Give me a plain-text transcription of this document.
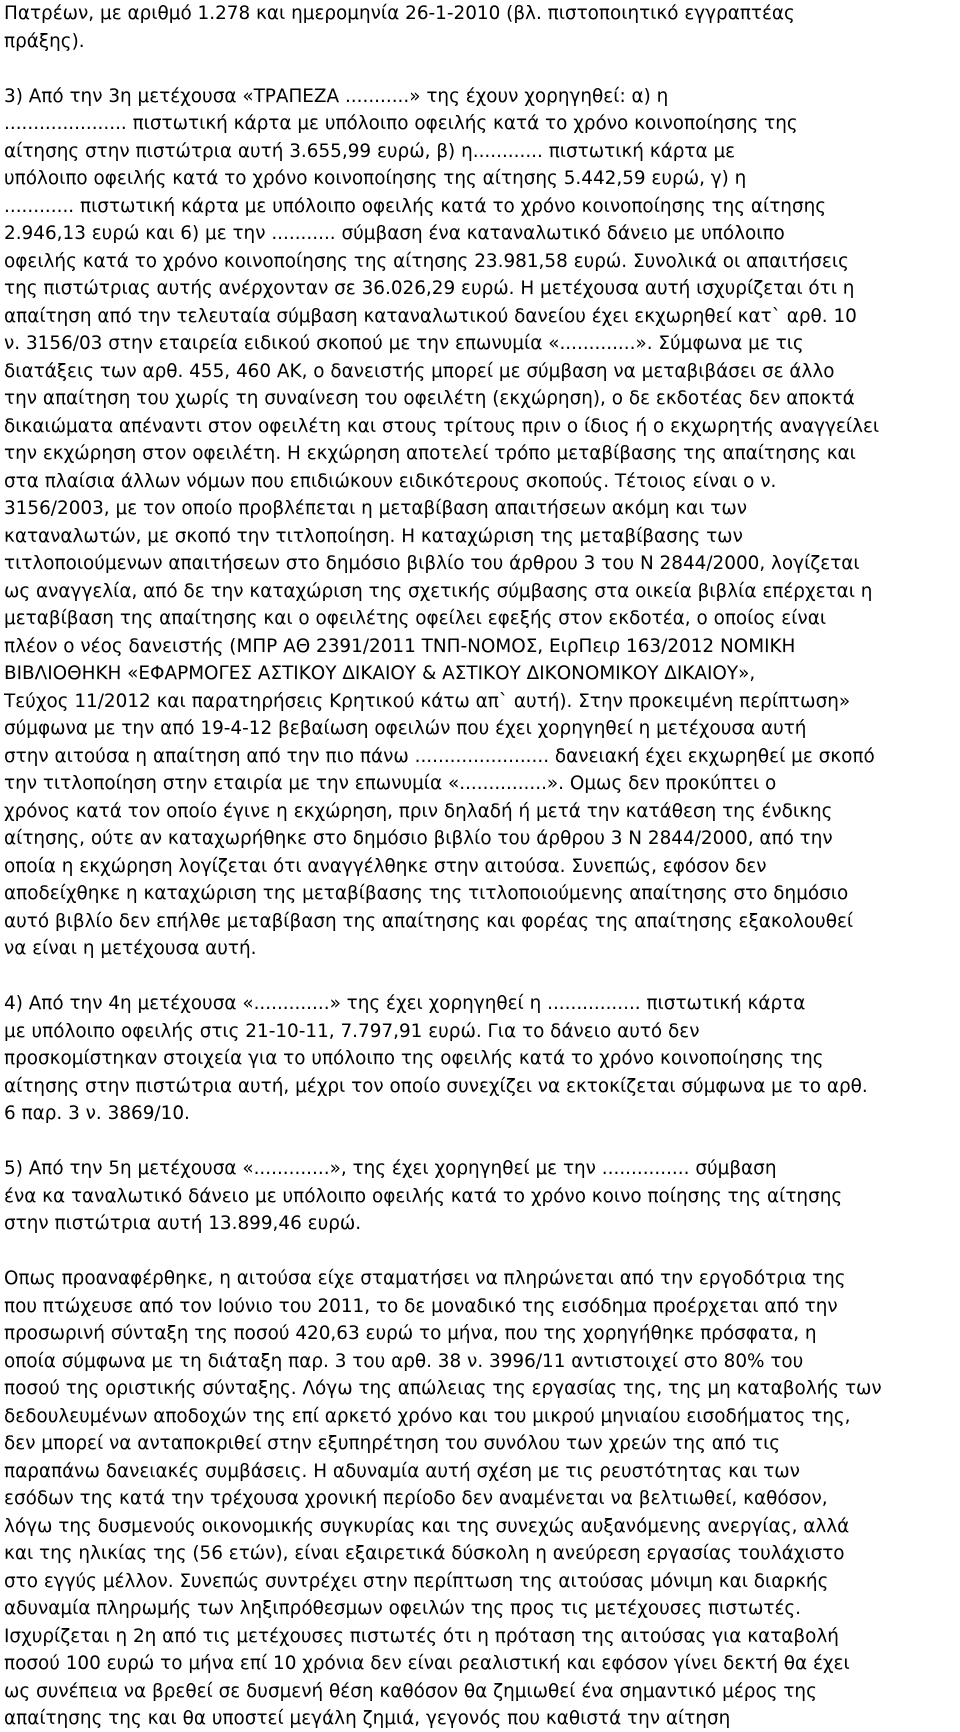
Πατρέων, με αριθμό 1.278 και ημερομηνία 26-1-2010 (βλ. πιστοποιητικό εγγραπτέας
πράξης).
3) Από την 3η μετέχουσα «ΤΡΑΠΕΖΑ ...........» της έχουν χορηγηθεί: α) η
..................... πιστωτική κάρτα με υπόλοιπο οφειλής κατά το χρόνο κοινοποίησης της
αίτησης στην πιστώτρια αυτή 3.655,99 ευρώ, β) η............ πιστωτική κάρτα με
υπόλοιπο οφειλής κατά το χρόνο κοινοποίησης της αίτησης 5.442,59 ευρώ, γ) η
............ πιστωτική κάρτα με υπόλοιπο οφειλής κατά το χρόνο κοινοποίησης της αίτησης
2.946,13 ευρώ και 6) με την ........... σύμβαση ένα καταναλωτικό δάνειο με υπόλοιπο
οφειλής κατά το χρόνο κοινοποίησης της αίτησης 23.981,58 ευρώ. Συνολικά οι απαιτήσεις
της πιστώτριας αυτής ανέρχονταν σε 36.026,29 ευρώ. Η μετέχουσα αυτή ισχυρίζεται ότι η
απαίτηση από την τελευταία σύμβαση καταναλωτικού δανείου έχει εκχωρηθεί κατ` αρθ. 10
ν. 3156/03 στην εταιρεία ειδικού σκοπού με την επωνυμία «.............». Σύμφωνα με τις
διατάξεις των αρθ. 455, 460 ΑΚ, ο δανειστής μπορεί με σύμβαση να μεταβιβάσει σε άλλο
την απαίτηση του χωρίς τη συναίνεση του οφειλέτη (εκχώρηση), ο δε εκδοτέας δεν αποκτά
δικαιώματα απέναντι στον οφειλέτη και στους τρίτους πριν ο ίδιος ή ο εκχωρητής αναγγείλει
την εκχώρηση στον οφειλέτη. Η εκχώρηση αποτελεί τρόπο μεταβίβασης της απαίτησης και
στα πλαίσια άλλων νόμων που επιδιώκουν ειδικότερους σκοπούς. Τέτοιος είναι ο ν.
3156/2003, με τον οποίο προβλέπεται η μεταβίβαση απαιτήσεων ακόμη και των
καταναλωτών, με σκοπό την τιτλοποίηση. Η καταχώριση της μεταβίβασης των
τιτλοποιούμενων απαιτήσεων στο δημόσιο βιβλίο του άρθρου 3 του Ν 2844/2000, λογίζεται
ως αναγγελία, από δε την καταχώριση της σχετικής σύμβασης στα οικεία βιβλία επέρχεται η
μεταβίβαση της απαίτησης και ο οφειλέτης οφείλει εφεξής στον εκδοτέα, ο οποίος είναι
πλέον ο νέος δανειστής (ΜΠΡ ΑΘ 2391/2011 ΤΝΠ-ΝΟΜΟΣ, ΕιρΠειρ 163/2012 ΝΟΜΙΚΗ
ΒΙΒΛΙΟΘΗΚΗ «ΕΦΑΡΜΟΓΕΣ ΑΣΤΙΚΟΥ ΔΙΚΑΙΟΥ & ΑΣΤΙΚΟΥ ΔΙΚΟΝΟΜΙΚΟΥ ΔΙΚΑΙΟΥ»,
Τεύχος 11/2012 και παρατηρήσεις Κρητικού κάτω απ` αυτή). Στην προκειμένη περίπτωση»
σύμφωνα με την από 19-4-12 βεβαίωση οφειλών που έχει χορηγηθεί η μετέχουσα αυτή
στην αιτούσα η απαίτηση από την πιο πάνω ....................... δανειακή έχει εκχωρηθεί με σκοπό
την τιτλοποίηση στην εταιρία με την επωνυμία «...............». Ομως δεν προκύπτει ο
χρόνος κατά τον οποίο έγινε η εκχώρηση, πριν δηλαδή ή μετά την κατάθεση της ένδικης
αίτησης, ούτε αν καταχωρήθηκε στο δημόσιο βιβλίο του άρθρου 3 Ν 2844/2000, από την
οποία η εκχώρηση λογίζεται ότι αναγγέλθηκε στην αιτούσα. Συνεπώς, εφόσον δεν
αποδείχθηκε η καταχώριση της μεταβίβασης της τιτλοποιούμενης απαίτησης στο δημόσιο
αυτό βιβλίο δεν επήλθε μεταβίβαση της απαίτησης και φορέας της απαίτησης εξακολουθεί
να είναι η μετέχουσα αυτή.
4) Από την 4η μετέχουσα «.............» της έχει χορηγηθεί η ................ πιστωτική κάρτα
με υπόλοιπο οφειλής στις 21-10-11, 7.797,91 ευρώ. Για το δάνειο αυτό δεν
προσκομίστηκαν στοιχεία για το υπόλοιπο της οφειλής κατά το χρόνο κοινοποίησης της
αίτησης στην πιστώτρια αυτή, μέχρι τον οποίο συνεχίζει να εκτοκίζεται σύμφωνα με το αρθ.
6 παρ. 3 ν. 3869/10.
5) Από την 5η μετέχουσα «.............», της έχει χορηγηθεί με την ............... σύμβαση
ένα κα ταναλωτικό δάνειο με υπόλοιπο οφειλής κατά το χρόνο κοινο ποίησης της αίτησης
στην πιστώτρια αυτή 13.899,46 ευρώ.
Οπως προαναφέρθηκε, η αιτούσα είχε σταματήσει να πληρώνεται από την εργοδότρια της
που πτώχευσε από τον Ιούνιο του 2011, το δε μοναδικό της εισόδημα προέρχεται από την
προσωρινή σύνταξη της ποσού 420,63 ευρώ το μήνα, που της χορηγήθηκε πρόσφατα, η
οποία σύμφωνα με τη διάταξη παρ. 3 του αρθ. 38 ν. 3996/11 αντιστοιχεί στο 80% του
ποσού της οριστικής σύνταξης. Λόγω της απώλειας της εργασίας της, της μη καταβολής των
δεδουλευμένων αποδοχών της επί αρκετό χρόνο και του μικρού μηνιαίου εισοδήματος της,
δεν μπορεί να ανταποκριθεί στην εξυπηρέτηση του συνόλου των χρεών της από τις
παραπάνω δανειακές συμβάσεις. Η αδυναμία αυτή σχέση με τις ρευστότητας και των
εσόδων της κατά την τρέχουσα χρονική περίοδο δεν αναμένεται να βελτιωθεί, καθόσον,
λόγω της δυσμενούς οικονομικής συγκυρίας και της συνεχώς αυξανόμενης ανεργίας, αλλά
και της ηλικίας της (56 ετών), είναι εξαιρετικά δύσκολη η ανεύρεση εργασίας τουλάχιστο
στο εγγύς μέλλον. Συνεπώς συντρέχει στην περίπτωση της αιτούσας μόνιμη και διαρκής
αδυναμία πληρωμής των ληξιπρόθεσμων οφειλών της προς τις μετέχουσες πιστωτές.
Ισχυρίζεται η 2η από τις μετέχουσες πιστωτές ότι η πρόταση της αιτούσας για καταβολή
ποσού 100 ευρώ το μήνα επί 10 χρόνια δεν είναι ρεαλιστική και εφόσον γίνει δεκτή θα έχει
ως συνέπεια να βρεθεί σε δυσμενή θέση καθόσον θα ζημιωθεί ένα σημαντικό μέρος της
απαίτησης της και θα υποστεί μεγάλη ζημιά, γεγονός που καθιστά την αίτηση
